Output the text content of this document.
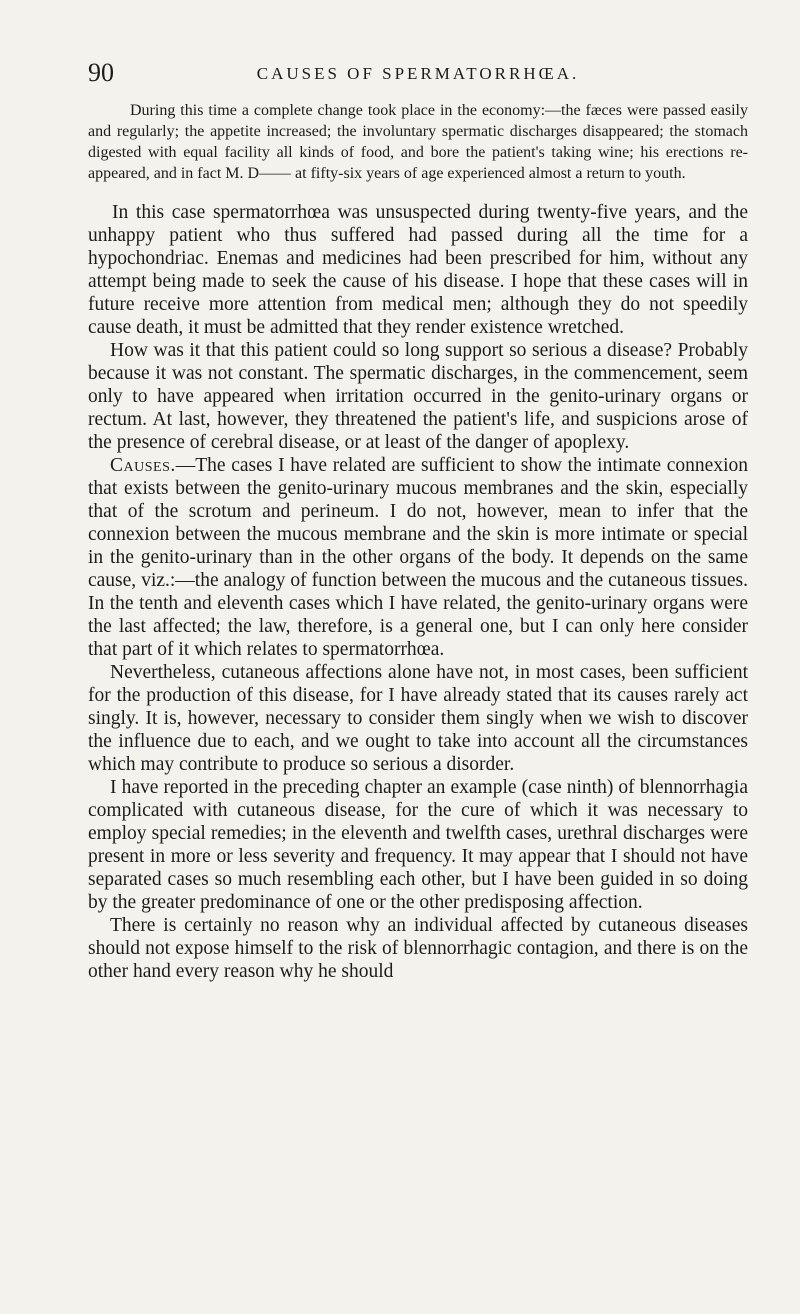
90	CAUSES OF SPERMATORRHŒA.

During this time a complete change took place in the economy:—the fæces were passed easily and regularly; the appetite increased; the involuntary spermatic discharges disappeared; the stomach digested with equal facility all kinds of food, and bore the patient's taking wine; his erections re-appeared, and in fact M. D—— at fifty-six years of age experienced almost a return to youth.

In this case spermatorrhœa was unsuspected during twenty-five years, and the unhappy patient who thus suffered had passed during all the time for a hypochondriac. Enemas and medicines had been prescribed for him, without any attempt being made to seek the cause of his disease. I hope that these cases will in future receive more attention from medical men; although they do not speedily cause death, it must be admitted that they render existence wretched.

How was it that this patient could so long support so serious a disease? Probably because it was not constant. The spermatic discharges, in the commencement, seem only to have appeared when irritation occurred in the genito-urinary organs or rectum. At last, however, they threatened the patient's life, and suspicions arose of the presence of cerebral disease, or at least of the danger of apoplexy.

Causes.—The cases I have related are sufficient to show the intimate connexion that exists between the genito-urinary mucous membranes and the skin, especially that of the scrotum and perineum. I do not, however, mean to infer that the connexion between the mucous membrane and the skin is more intimate or special in the genito-urinary than in the other organs of the body. It depends on the same cause, viz.:—the analogy of function between the mucous and the cutaneous tissues. In the tenth and eleventh cases which I have related, the genito-urinary organs were the last affected; the law, therefore, is a general one, but I can only here consider that part of it which relates to spermatorrhœa.

Nevertheless, cutaneous affections alone have not, in most cases, been sufficient for the production of this disease, for I have already stated that its causes rarely act singly. It is, however, necessary to consider them singly when we wish to discover the influence due to each, and we ought to take into account all the circumstances which may contribute to produce so serious a disorder.

I have reported in the preceding chapter an example (case ninth) of blennorrhagia complicated with cutaneous disease, for the cure of which it was necessary to employ special remedies; in the eleventh and twelfth cases, urethral discharges were present in more or less severity and frequency. It may appear that I should not have separated cases so much resembling each other, but I have been guided in so doing by the greater predominance of one or the other predisposing affection.

There is certainly no reason why an individual affected by cutaneous diseases should not expose himself to the risk of blennorrhagic contagion, and there is on the other hand every reason why he should
